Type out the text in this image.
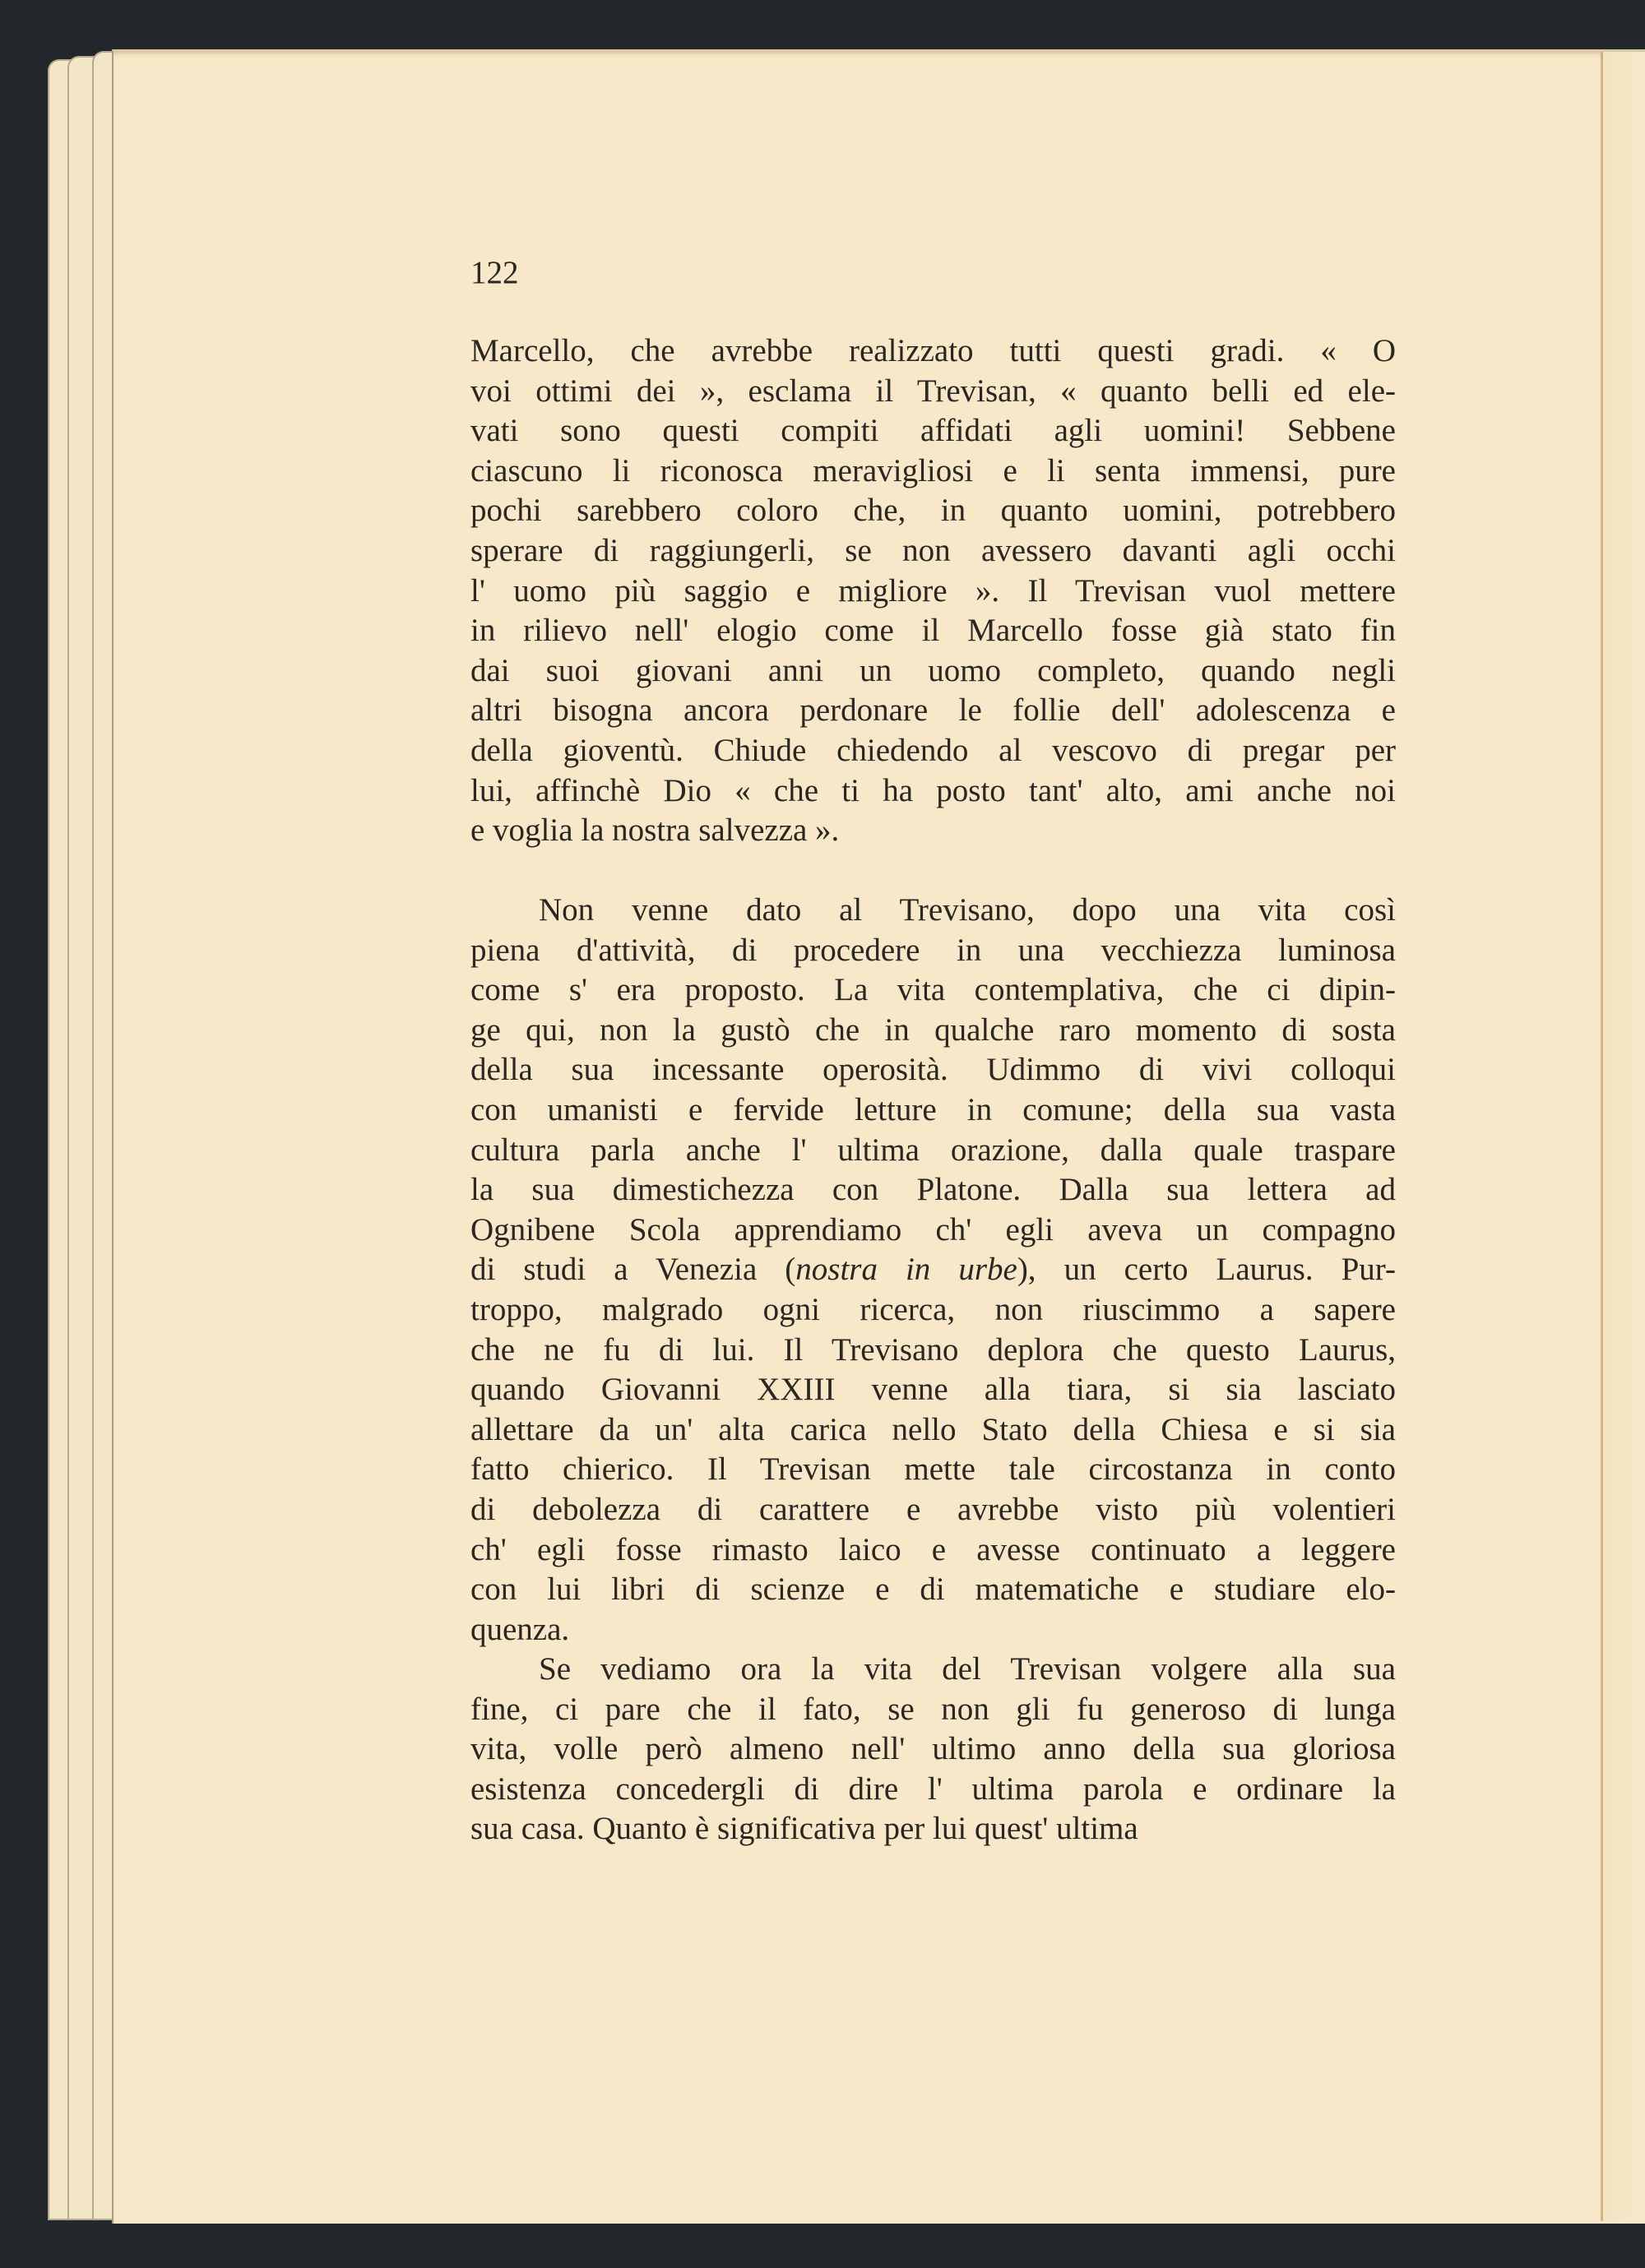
122
Marcello, che avrebbe realizzato tutti questi gradi. « O
voi ottimi dei », esclama il Trevisan, « quanto belli ed ele-
vati sono questi compiti affidati agli uomini! Sebbene
ciascuno li riconosca meravigliosi e li senta immensi, pure
pochi sarebbero coloro che, in quanto uomini, potrebbero
sperare di raggiungerli, se non avessero davanti agli occhi
l' uomo più saggio e migliore ». Il Trevisan vuol mettere
in rilievo nell' elogio come il Marcello fosse già stato fin
dai suoi giovani anni un uomo completo, quando negli
altri bisogna ancora perdonare le follie dell' adolescenza e
della gioventù. Chiude chiedendo al vescovo di pregar per
lui, affinchè Dio « che ti ha posto tant' alto, ami anche noi
e voglia la nostra salvezza ».
Non venne dato al Trevisano, dopo una vita così
piena d'attività, di procedere in una vecchiezza luminosa
come s' era proposto. La vita contemplativa, che ci dipin-
ge qui, non la gustò che in qualche raro momento di sosta
della sua incessante operosità. Udimmo di vivi colloqui
con umanisti e fervide letture in comune; della sua vasta
cultura parla anche l' ultima orazione, dalla quale traspare
la sua dimestichezza con Platone. Dalla sua lettera ad
Ognibene Scola apprendiamo ch' egli aveva un compagno
di studi a Venezia (nostra in urbe), un certo Laurus. Pur-
troppo, malgrado ogni ricerca, non riuscimmo a sapere
che ne fu di lui. Il Trevisano deplora che questo Laurus,
quando Giovanni XXIII venne alla tiara, si sia lasciato
allettare da un' alta carica nello Stato della Chiesa e si sia
fatto chierico. Il Trevisan mette tale circostanza in conto
di debolezza di carattere e avrebbe visto più volentieri
ch' egli fosse rimasto laico e avesse continuato a leggere
con lui libri di scienze e di matematiche e studiare elo-
quenza.
Se vediamo ora la vita del Trevisan volgere alla sua
fine, ci pare che il fato, se non gli fu generoso di lunga
vita, volle però almeno nell' ultimo anno della sua gloriosa
esistenza concedergli di dire l' ultima parola e ordinare la
sua casa. Quanto è significativa per lui quest' ultima
